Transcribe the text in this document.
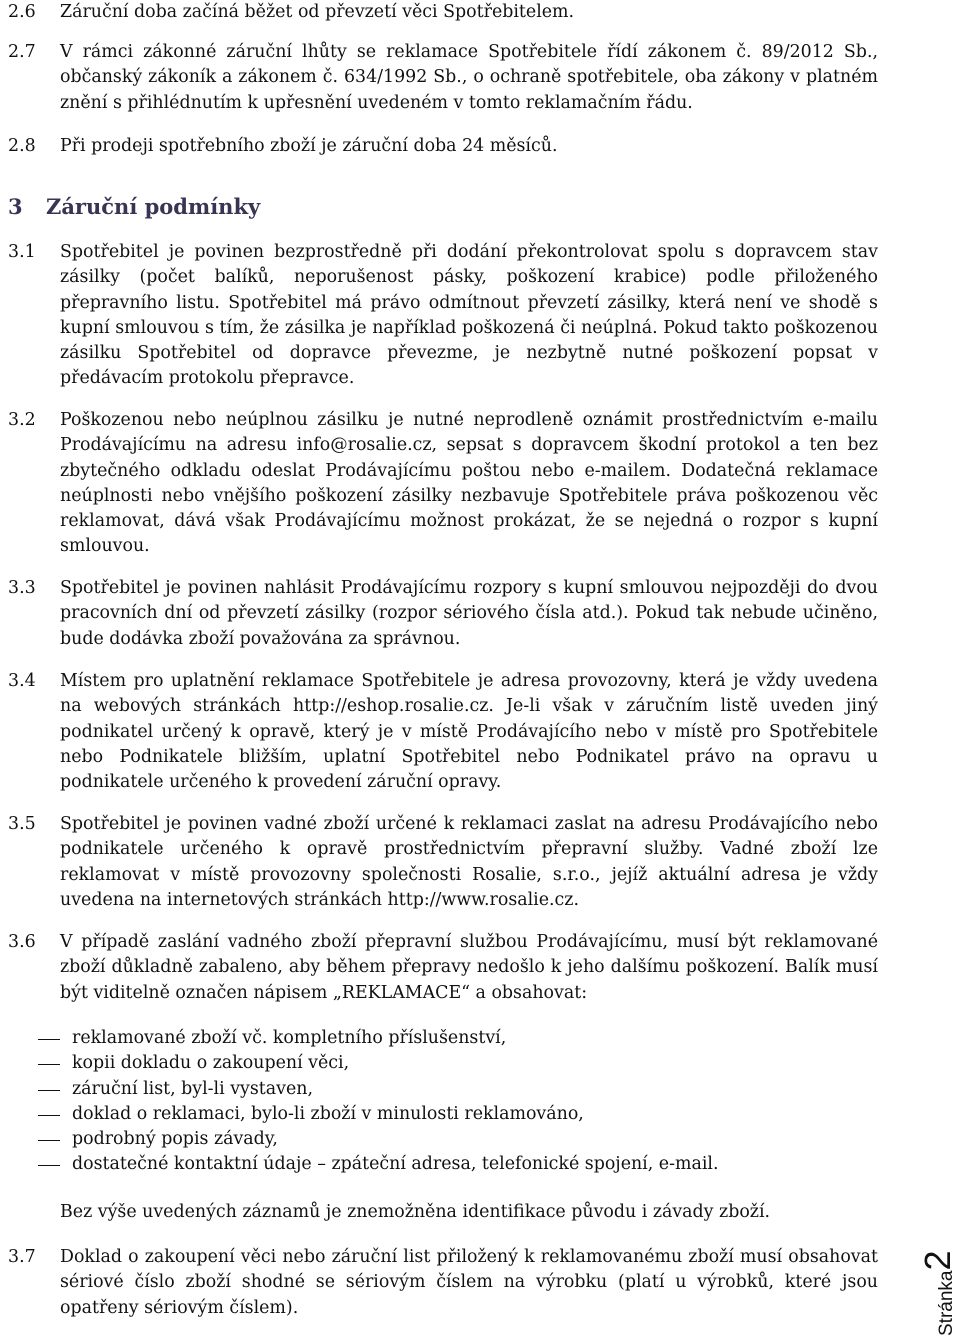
2.6	Záruční doba začíná běžet od převzetí věci Spotřebitelem.
2.7	V rámci zákonné záruční lhůty se reklamace Spotřebitele řídí zákonem č. 89/2012 Sb., občanský zákoník a zákonem č. 634/1992 Sb., o ochraně spotřebitele, oba zákony v platném znění s přihlédnutím k upřesnění uvedeném v tomto reklamačním řádu.
2.8	Při prodeji spotřebního zboží je záruční doba 24 měsíců.
3 Záruční podmínky
3.1	Spotřebitel je povinen bezprostředně při dodání překontrolovat spolu s dopravcem stav zásilky (počet balíků, neporušenost pásky, poškození krabice) podle přiloženého přepravního listu. Spotřebitel má právo odmítnout převzetí zásilky, která není ve shodě s kupní smlouvou s tím, že zásilka je například poškozená či neúplná. Pokud takto poškozenou zásilku Spotřebitel od dopravce převezme, je nezbytně nutné poškození popsat v předávacím protokolu přepravce.
3.2	Poškozenou nebo neúplnou zásilku je nutné neprodleně oznámit prostřednictvím e-mailu Prodávajícímu na adresu info@rosalie.cz, sepsat s dopravcem škodní protokol a ten bez zbytečného odkladu odeslat Prodávajícímu poštou nebo e-mailem. Dodatečná reklamace neúplnosti nebo vnějšího poškození zásilky nezbavuje Spotřebitele práva poškozenou věc reklamovat, dává však Prodávajícímu možnost prokázat, že se nejedná o rozpor s kupní smlouvou.
3.3	Spotřebitel je povinen nahlásit Prodávajícímu rozpory s kupní smlouvou nejpozději do dvou pracovních dní od převzetí zásilky (rozpor sériového čísla atd.). Pokud tak nebude učiněno, bude dodávka zboží považována za správnou.
3.4	Místem pro uplatnění reklamace Spotřebitele je adresa provozovny, která je vždy uvedena na webových stránkách http://eshop.rosalie.cz. Je-li však v záručním listě uveden jiný podnikatel určený k opravě, který je v místě Prodávajícího nebo v místě pro Spotřebitele nebo Podnikatele bližším, uplatní Spotřebitel nebo Podnikatel právo na opravu u podnikatele určeného k provedení záruční opravy.
3.5	Spotřebitel je povinen vadné zboží určené k reklamaci zaslat na adresu Prodávajícího nebo podnikatele určeného k opravě prostřednictvím přepravní služby. Vadné zboží lze reklamovat v místě provozovny společnosti Rosalie, s.r.o., jejíž aktuální adresa je vždy uvedena na internetových stránkách http://www.rosalie.cz.
3.6	V případě zaslání vadného zboží přepravní službou Prodávajícímu, musí být reklamované zboží důkladně zabaleno, aby během přepravy nedošlo k jeho dalšímu poškození. Balík musí být viditelně označen nápisem „REKLAMACE“ a obsahovat:
reklamované zboží vč. kompletního příslušenství,
kopii dokladu o zakoupení věci,
záruční list, byl-li vystaven,
doklad o reklamaci, bylo-li zboží v minulosti reklamováno,
podrobný popis závady,
dostatečné kontaktní údaje – zpáteční adresa, telefonické spojení, e-mail.
Bez výše uvedených záznamů je znemožněna identifikace původu i závady zboží.
3.7	Doklad o zakoupení věci nebo záruční list přiložený k reklamovanému zboží musí obsahovat sériové číslo zboží shodné se sériovým číslem na výrobku (platí u výrobků, které jsou opatřeny sériovým číslem).	Stránka2
